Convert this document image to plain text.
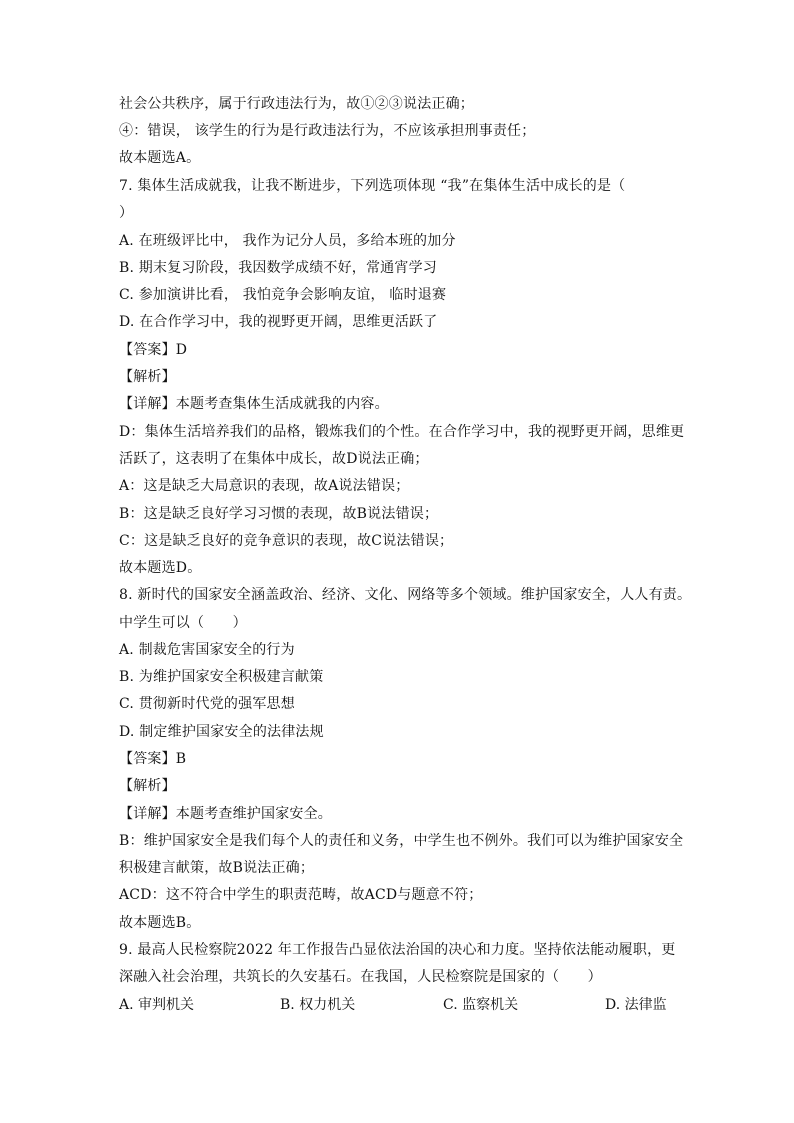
社会公共秩序，属于行政违法行为，故①②③说法正确；
④：错误， 该学生的行为是行政违法行为，不应该承担刑事责任；
故本题选A。
7. 集体生活成就我，让我不断进步，下列选项体现 “我”在集体生活中成长的是（
）
A. 在班级评比中， 我作为记分人员，多给本班的加分
B. 期末复习阶段，我因数学成绩不好，常通宵学习
C. 参加演讲比看， 我怕竞争会影响友谊， 临时退赛
D. 在合作学习中，我的视野更开阔，思维更活跃了
【答案】D
【解析】
【详解】本题考查集体生活成就我的内容。
D：集体生活培养我们的品格，锻炼我们的个性。在合作学习中，我的视野更开阔，思维更
活跃了，这表明了在集体中成长，故D说法正确；
A：这是缺乏大局意识的表现，故A说法错误；
B：这是缺乏良好学习习惯的表现，故B说法错误；
C：这是缺乏良好的竞争意识的表现，故C说法错误；
故本题选D。
8. 新时代的国家安全涵盖政治、经济、文化、网络等多个领域。维护国家安全，人人有责。
中学生可以（　　）
A. 制裁危害国家安全的行为
B. 为维护国家安全积极建言献策
C. 贯彻新时代党的强军思想
D. 制定维护国家安全的法律法规
【答案】B
【解析】
【详解】本题考查维护国家安全。
B：维护国家安全是我们每个人的责任和义务，中学生也不例外。我们可以为维护国家安全
积极建言献策，故B说法正确；
ACD：这不符合中学生的职责范畴，故ACD与题意不符；
故本题选B。
9. 最高人民检察院2022 年工作报告凸显依法治国的决心和力度。坚持依法能动履职，更
深融入社会治理，共筑长的久安基石。在我国，人民检察院是国家的（　　）
A. 审判机关	B. 权力机关	C. 监察机关	D. 法律监
